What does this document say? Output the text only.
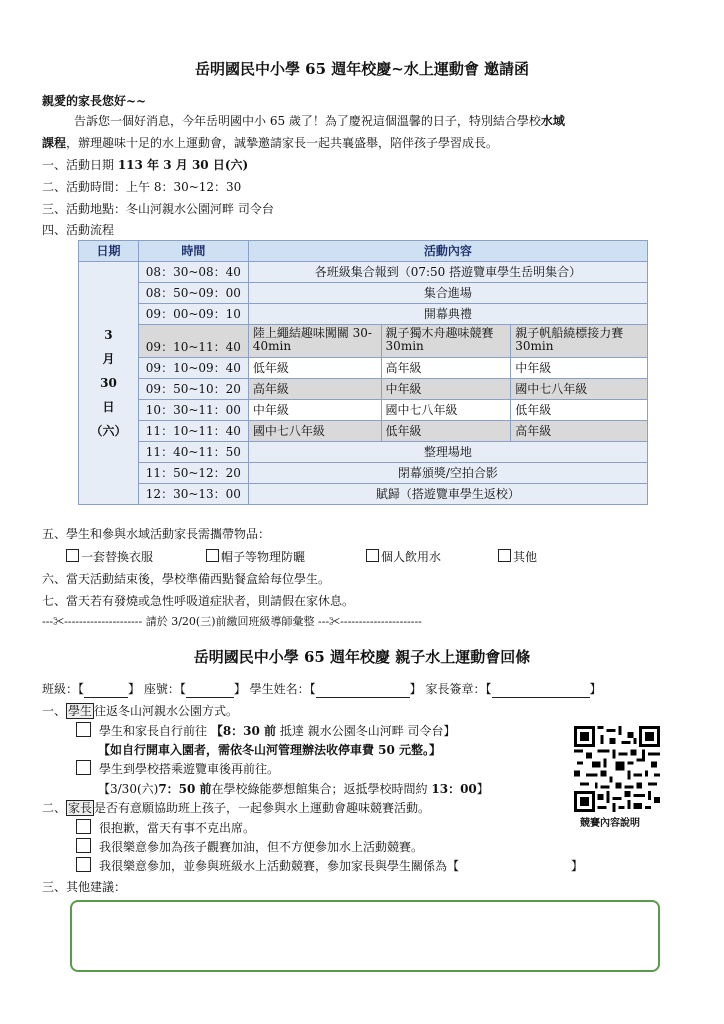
岳明國民中小學 65 週年校慶~水上運動會 邀請函
親愛的家長您好~~
告訴您一個好消息，今年岳明國中小 65 歲了！為了慶祝這個溫馨的日子，特別結合學校水域
課程，辦理趣味十足的水上運動會，誠摯邀請家長一起共襄盛舉，陪伴孩子學習成長。
一、活動日期 113 年 3 月 30 日(六)
二、活動時間：上午 8：30~12：30
三、活動地點：冬山河親水公園河畔 司令台
四、活動流程
日期	時間	活動內容		

3
月
30
日
（六）	08：30~08：40	各班級集合報到（07:50 搭遊覽車學生岳明集合）		
	08：50~09：00	集合進場		
	09：00~09：10	開幕典禮		
	09：10~11：40	陸上繩結趣味闖關 30-40min	親子獨木舟趣味競賽 30min	親子帆船繞標接力賽 30min
	09：10~09：40	低年級	高年級	中年級
	09：50~10：20	高年級	中年級	國中七八年級
	10：30~11：00	中年級	國中七八年級	低年級
	11：10~11：40	國中七八年級	低年級	高年級
	11：40~11：50	整理場地		
	11：50~12：20	閉幕頒獎/空拍合影		
	12：30~13：00	賦歸（搭遊覽車學生返校）		
五、學生和參與水域活動家長需攜帶物品：
一套替換衣服	帽子等物理防曬	個人飲用水	其他
六、當天活動結束後，學校準備西點餐盒給每位學生。
七、當天若有發燒或急性呼吸道症狀者，則請假在家休息。
---✂--------------------- 請於 3/20(三)前繳回班級導師彙整 ---✂----------------------
岳明國民中小學 65 週年校慶 親子水上運動會回條
班級：【	】 座號：【	】 學生姓名：【	】 家長簽章：【	】
一、 學生 往返冬山河親水公園方式。
學生和家長自行前往 【8：30 前 抵達 親水公園冬山河畔 司令台】
【如自行開車入園者，需依冬山河管理辦法收停車費 50 元整。】
學生到學校搭乘遊覽車後再前往。
【3/30(六)7：50 前在學校綠能夢想館集合；返抵學校時間約 13：00】
二、 家長 是否有意願協助班上孩子，一起參與水上運動會趣味競賽活動。
很抱歉，當天有事不克出席。
我很樂意參加為孩子觀賽加油，但不方便參加水上活動競賽。
我很樂意參加，並參與班級水上活動競賽，參加家長與學生關係為【	】
三、其他建議：
競賽內容說明
